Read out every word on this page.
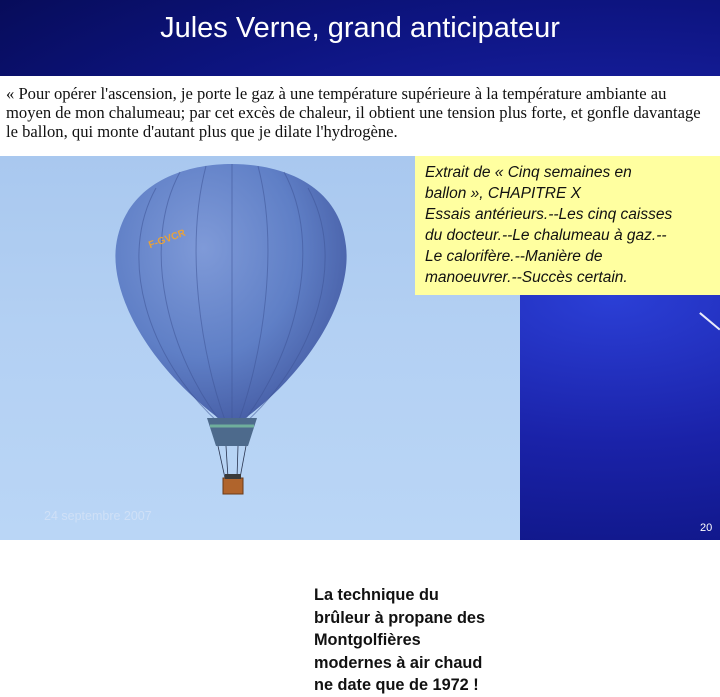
Jules Verne, grand anticipateur
« Pour opérer l'ascension, je porte le gaz à une température supérieure à la température ambiante au moyen de mon chalumeau; par cet excès de chaleur, il obtient une tension plus forte, et gonfle davantage le ballon, qui monte d'autant plus que je dilate l'hydrogène.
F-GVCR
La technique du
brûleur à propane des
Montgolfières
modernes à air chaud
ne date que de 1972 !
Extrait de « Cinq semaines en
ballon », CHAPITRE X
Essais antérieurs.--Les cinq caisses
du docteur.--Le chalumeau à gaz.--
Le calorifère.--Manière de
manoeuvrer.--Succès certain.
24 septembre 2007
20
